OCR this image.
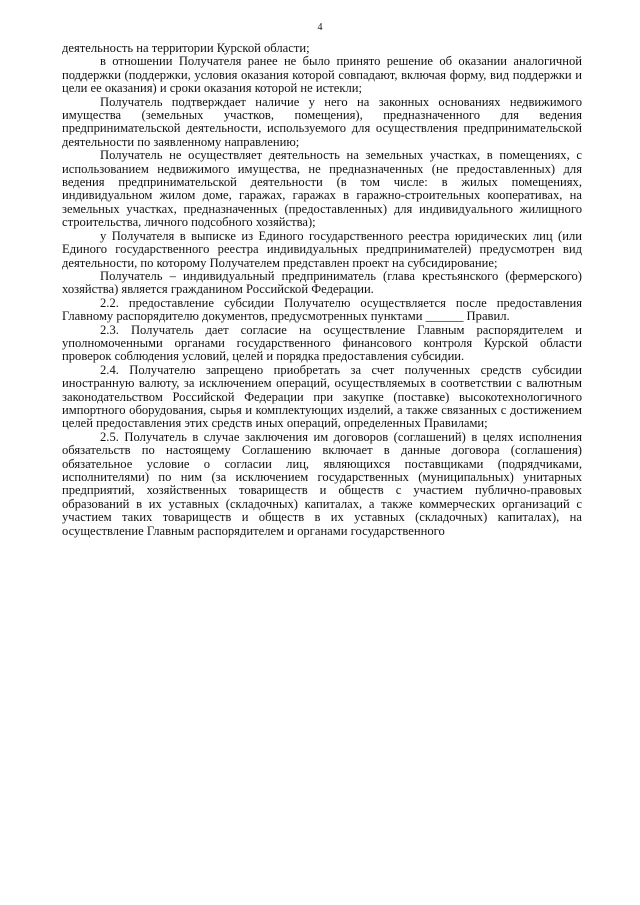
4

деятельность на территории Курской области;

в отношении Получателя ранее не было принято решение об оказании аналогичной поддержки (поддержки, условия оказания которой совпадают, включая форму, вид поддержки и цели ее оказания) и сроки оказания которой не истекли;

Получатель подтверждает наличие у него на законных основаниях недвижимого имущества (земельных участков, помещения), предназначенного для ведения предпринимательской деятельности, используемого для осуществления предпринимательской деятельности по заявленному направлению;

Получатель не осуществляет деятельность на земельных участках, в помещениях, с использованием недвижимого имущества, не предназначенных (не предоставленных) для ведения предпринимательской деятельности (в том числе: в жилых помещениях, индивидуальном жилом доме, гаражах, гаражах в гаражно-строительных кооперативах, на земельных участках, предназначенных (предоставленных) для индивидуального жилищного строительства, личного подсобного хозяйства);

у Получателя в выписке из Единого государственного реестра юридических лиц (или Единого государственного реестра индивидуальных предпринимателей) предусмотрен вид деятельности, по которому Получателем представлен проект на субсидирование;

Получатель – индивидуальный предприниматель (глава крестьянского (фермерского) хозяйства) является гражданином Российской Федерации.

2.2. предоставление субсидии Получателю осуществляется после предоставления Главному распорядителю документов, предусмотренных пунктами ______ Правил.

2.3. Получатель дает согласие на осуществление Главным распорядителем и уполномоченными органами государственного финансового контроля Курской области проверок соблюдения условий, целей и порядка предоставления субсидии.

2.4. Получателю запрещено приобретать за счет полученных средств субсидии иностранную валюту, за исключением операций, осуществляемых в соответствии с валютным законодательством Российской Федерации при закупке (поставке) высокотехнологичного импортного оборудования, сырья и комплектующих изделий, а также связанных с достижением целей предоставления этих средств иных операций, определенных Правилами;

2.5. Получатель в случае заключения им договоров (соглашений) в целях исполнения обязательств по настоящему Соглашению включает в данные договора (соглашения) обязательное условие о согласии лиц, являющихся поставщиками (подрядчиками, исполнителями) по ним (за исключением государственных (муниципальных) унитарных предприятий, хозяйственных товариществ и обществ с участием публично-правовых образований в их уставных (складочных) капиталах, а также коммерческих организаций с участием таких товариществ и обществ в их уставных (складочных) капиталах), на осуществление Главным распорядителем и органами государственного
